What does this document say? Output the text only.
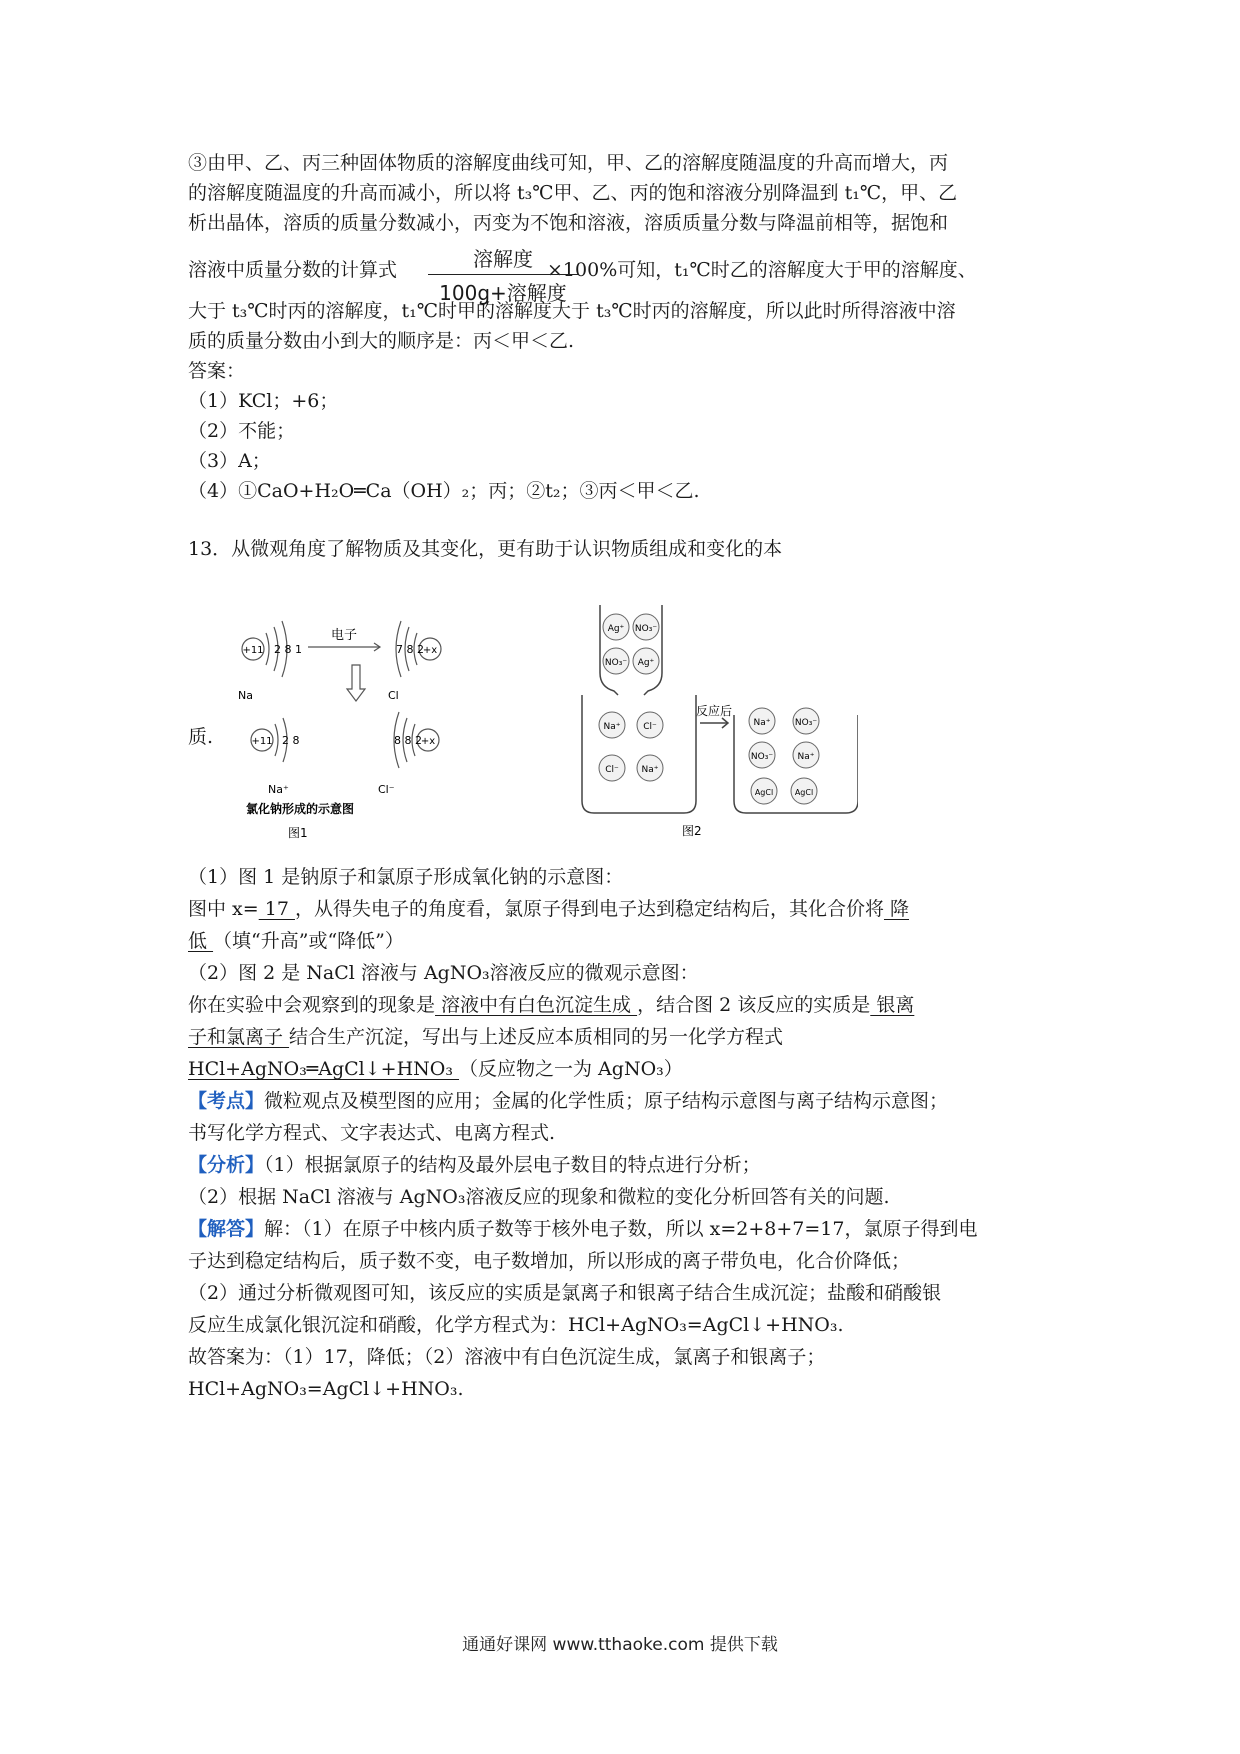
③由甲、乙、丙三种固体物质的溶解度曲线可知，甲、乙的溶解度随温度的升高而增大，丙
的溶解度随温度的升高而减小，所以将 t₃℃甲、乙、丙的饱和溶液分别降温到 t₁℃，甲、乙
析出晶体，溶质的质量分数减小，丙变为不饱和溶液，溶质质量分数与降温前相等，据饱和
溶液中质量分数的计算式	×100%可知，t₁℃时乙的溶解度大于甲的溶解度、
溶解度
100g+溶解度
大于 t₃℃时丙的溶解度，t₁℃时甲的溶解度大于 t₃℃时丙的溶解度，所以此时所得溶液中溶
质的质量分数由小到大的顺序是：丙＜甲＜乙.
答案：
（1）KCl；+6；
（2）不能；
（3）A；
（4）①CaO+H₂O═Ca（OH）₂；丙；②t₂；③丙＜甲＜乙.
13．从微观角度了解物质及其变化，更有助于认识物质组成和变化的本
质.
+11 2 8 1
电子
7 8 2
+x
Na	Cl
+11 2 8	8 8 2
+x
Na⁺	Cl⁻
氯化钠形成的示意图
图1
Ag⁺ NO₃⁻
NO₃⁻ Ag⁺
Na⁺	Cl⁻
Cl⁻	Na⁺
反应后
Na⁺	NO₃⁻
NO₃⁻	Na⁺
AgCl	AgCl
图2
（1）图 1 是钠原子和氯原子形成氧化钠的示意图：
图中 x= 17 ，从得失电子的角度看，氯原子得到电子达到稳定结构后，其化合价将 降
低 （填“升高”或“降低”）
（2）图 2 是 NaCl 溶液与 AgNO₃溶液反应的微观示意图：
你在实验中会观察到的现象是 溶液中有白色沉淀生成 ，结合图 2 该反应的实质是 银离
子和氯离子 结合生产沉淀，写出与上述反应本质相同的另一化学方程式
HCl+AgNO₃═AgCl↓+HNO₃ （反应物之一为 AgNO₃）
【考点】微粒观点及模型图的应用；金属的化学性质；原子结构示意图与离子结构示意图；
书写化学方程式、文字表达式、电离方程式.
【分析】（1）根据氯原子的结构及最外层电子数目的特点进行分析；
（2）根据 NaCl 溶液与 AgNO₃溶液反应的现象和微粒的变化分析回答有关的问题.
【解答】解：（1）在原子中核内质子数等于核外电子数，所以 x=2+8+7=17，氯原子得到电
子达到稳定结构后，质子数不变，电子数增加，所以形成的离子带负电，化合价降低；
（2）通过分析微观图可知，该反应的实质是氯离子和银离子结合生成沉淀；盐酸和硝酸银
反应生成氯化银沉淀和硝酸，化学方程式为：HCl+AgNO₃=AgCl↓+HNO₃.
故答案为：（1）17，降低；（2）溶液中有白色沉淀生成，氯离子和银离子；
HCl+AgNO₃=AgCl↓+HNO₃.
通通好课网 www.tthaoke.com 提供下载
